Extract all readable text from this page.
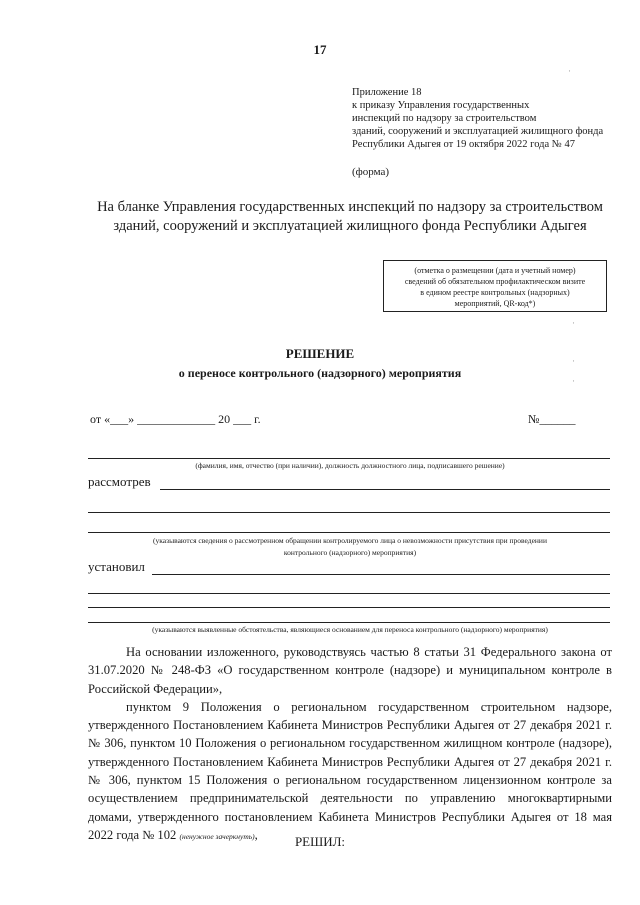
17
Приложение 18
к приказу Управления государственных
инспекций по надзору за строительством
зданий, сооружений и эксплуатацией жилищного фонда
Республики Адыгея от 19 октября 2022 года № 47
(форма)
На бланке Управления государственных инспекций по надзору за строительством
зданий, сооружений и эксплуатацией жилищного фонда Республики Адыгея
(отметка о размещении (дата и учетный номер)
сведений об обязательном профилактическом визите
в едином реестре контрольных (надзорных)
мероприятий, QR-код*)
РЕШЕНИЕ
о переносе контрольного (надзорного) мероприятия
от «___» _____________ 20 ___ г.	№______
(фамилия, имя, отчество (при наличии), должность должностного лица, подписавшего решение)
рассмотрев
(указываются сведения о рассмотренном обращении контролируемого лица о невозможности присутствия при проведении
контрольного (надзорного) мероприятия)
установил
(указываются выявленные обстоятельства, являющиеся основанием для переноса контрольного (надзорного) мероприятия)

На основании изложенного, руководствуясь частью 8 статьи 31 Федерального закона от 31.07.2020 № 248-ФЗ «О государственном контроле (надзоре) и муниципальном контроле в Российской Федерации»,

пунктом 9 Положения о региональном государственном строительном надзоре, утвержденного Постановлением Кабинета Министров Республики Адыгея от 27 декабря 2021 г. № 306, пунктом 10 Положения о региональном государственном жилищном контроле (надзоре), утвержденного Постановлением Кабинета Министров Республики Адыгея от 27 декабря 2021 г. № 306, пунктом 15 Положения о региональном государственном лицензионном контроле за осуществлением предпринимательской деятельности по управлению многоквартирными домами, утвержденного постановлением Кабинета Министров Республики Адыгея от 18 мая 2022 года № 102 (ненужное зачеркнуть),	РЕШИЛ:
·
·
·
·
